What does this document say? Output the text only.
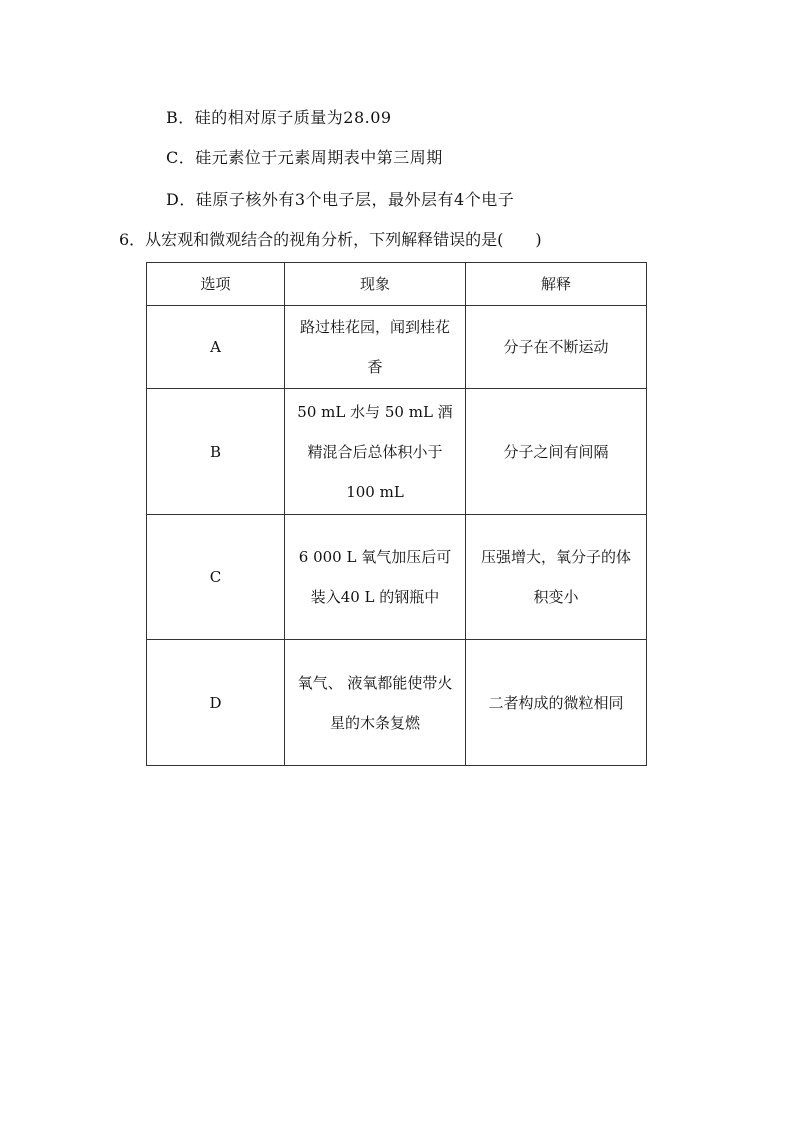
B．硅的相对原子质量为28.09
C．硅元素位于元素周期表中第三周期
D．硅原子核外有3个电子层，最外层有4个电子
6．从宏观和微观结合的视角分析，下列解释错误的是(　　)
选项	现象	解释
A	路过桂花园，闻到桂花香	分子在不断运动
B	50 mL 水与 50 mL 酒精混合后总体积小于 100 mL	分子之间有间隔
C	6 000 L 氧气加压后可装入40 L 的钢瓶中	压强增大，氧分子的体积变小
D	氧气、 液氧都能使带火星的木条复燃	二者构成的微粒相同
